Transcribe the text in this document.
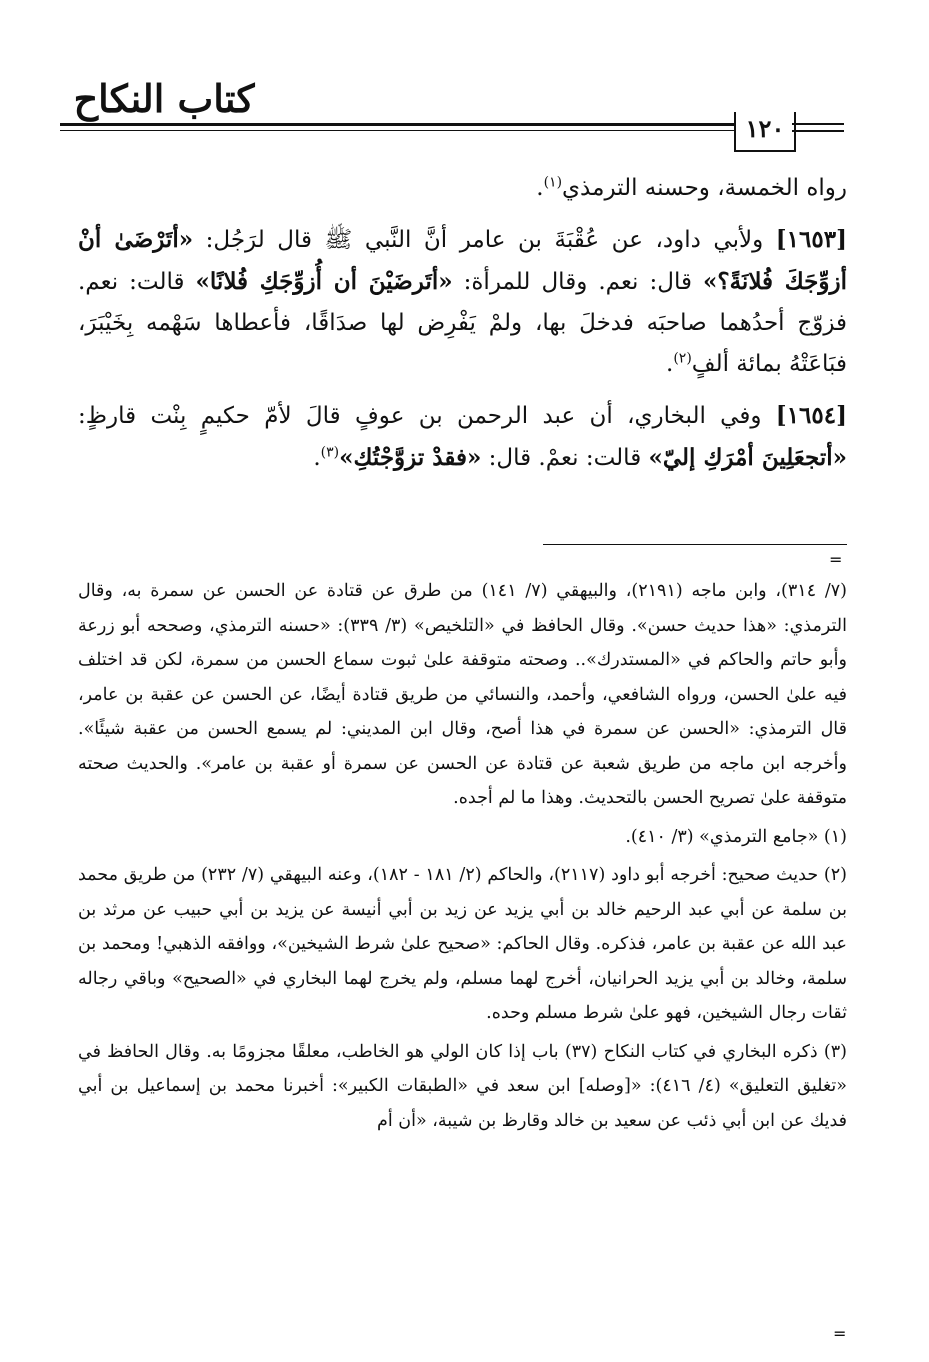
كتاب النكاح
١٢٠

رواه الخمسة، وحسنه الترمذي$^{(١)}$.

[١٦٥٣] ولأبي داود، عن عُقْبَةَ بن عامر أنَّ النَّبي ﷺ قال لرَجُل: «أتَرْضَىٰ أنْ أزوِّجَكَ فُلانَةً؟» قال: نعم. وقال للمرأة: «أتَرضَيْنَ أن أُزوِّجَكِ فُلانًا» قالت: نعم. فزوّج أحدُهما صاحبَه فدخلَ بها، ولمْ يَفْرِض لها صدَاقًا، فأعطاها سَهْمه بِخَيْبَرَ، فبَاعَتْهُ بمائة ألفٍ$^{(٢)}$.

[١٦٥٤] وفي البخاري، أن عبد الرحمن بن عوفٍ قالَ لأمّ حكيمٍ بِنْت قارظٍ: «أتجعَلِينَ أمْرَكِ إليّ» قالت: نعمْ. قال: «فقدْ تزوَّجْتُكِ»$^{(٣)}$.

=

(٧/ ٣١٤)، وابن ماجه (٢١٩١)، والبيهقي (٧/ ١٤١) من طرق عن قتادة عن الحسن عن سمرة به، وقال الترمذي: «هذا حديث حسن». وقال الحافظ في «التلخيص» (٣/ ٣٣٩): «حسنه الترمذي، وصححه أبو زرعة وأبو حاتم والحاكم في «المستدرك».. وصحته متوقفة علىٰ ثبوت سماع الحسن من سمرة، لكن قد اختلف فيه علىٰ الحسن، ورواه الشافعي، وأحمد، والنسائي من طريق قتادة أيضًا، عن الحسن عن عقبة بن عامر، قال الترمذي: «الحسن عن سمرة في هذا أصح، وقال ابن المديني: لم يسمع الحسن من عقبة شيئًا». وأخرجه ابن ماجه من طريق شعبة عن قتادة عن الحسن عن سمرة أو عقبة بن عامر». والحديث صحته متوقفة علىٰ تصريح الحسن بالتحديث. وهذا ما لم أجده.

(١) «جامع الترمذي» (٣/ ٤١٠).

(٢) حديث صحيح: أخرجه أبو داود (٢١١٧)، والحاكم (٢/ ١٨١ - ١٨٢)، وعنه البيهقي (٧/ ٢٣٢) من طريق محمد بن سلمة عن أبي عبد الرحيم خالد بن أبي يزيد عن زيد بن أبي أنيسة عن يزيد بن أبي حبيب عن مرثد بن عبد الله عن عقبة بن عامر، فذكره. وقال الحاكم: «صحيح علىٰ شرط الشيخين»، ووافقه الذهبي! ومحمد بن سلمة، وخالد بن أبي يزيد الحرانيان، أخرج لهما مسلم، ولم يخرج لهما البخاري في «الصحيح» وباقي رجاله ثقات رجال الشيخين، فهو علىٰ شرط مسلم وحده.

(٣) ذكره البخاري في كتاب النكاح (٣٧) باب إذا كان الولي هو الخاطب، معلقًا مجزومًا به. وقال الحافظ في «تغليق التعليق» (٤/ ٤١٦): «[وصله] ابن سعد في «الطبقات الكبير»: أخبرنا محمد بن إسماعيل بن أبي فديك عن ابن أبي ذئب عن سعيد بن خالد وقارظ بن شيبة، «أن أم

=
